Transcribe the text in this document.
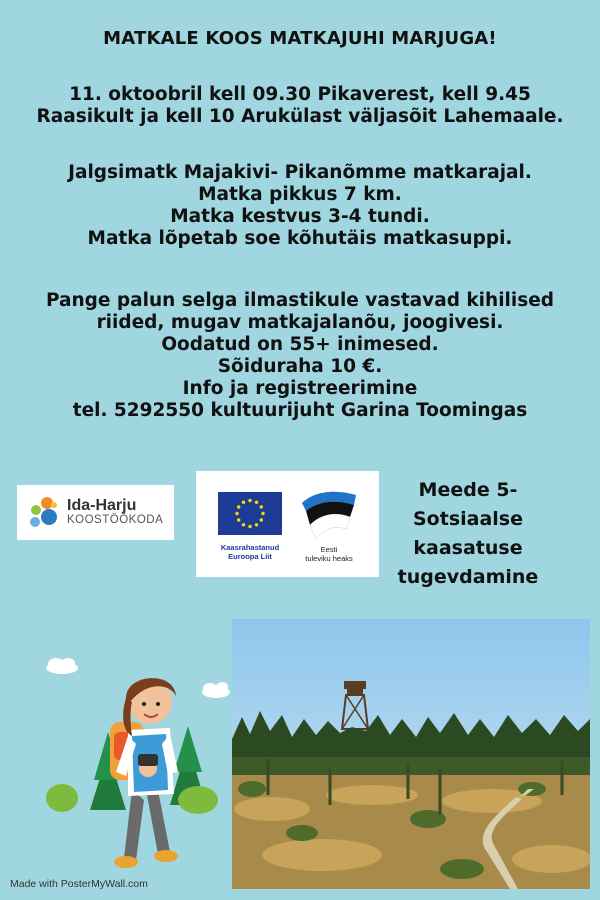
MATKALE KOOS MATKAJUHI MARJUGA!
11. oktoobril kell 09.30 Pikaverest, kell 9.45
Raasikult ja kell 10 Arukülast väljasõit Lahemaale.
Jalgsimatk Majakivi- Pikanõmme matkarajal.
Matka pikkus 7 km.
Matka kestvus 3-4 tundi.
Matka lõpetab soe kõhutäis matkasuppi.
Pange palun selga ilmastikule vastavad kihilised
riided, mugav matkajalanõu, joogivesi.
Oodatud on 55+ inimesed.
Sõiduraha 10 €.
Info ja registreerimine
tel. 5292550 kultuurijuht Garina Toomingas
Ida-Harju
KOOSTÖÖKODA
Kaasrahastanud
Euroopa Liit
Eesti
tuleviku heaks
Meede 5-
Sotsiaalse
kaasatuse
tugevdamine
Made with PosterMyWall.com
